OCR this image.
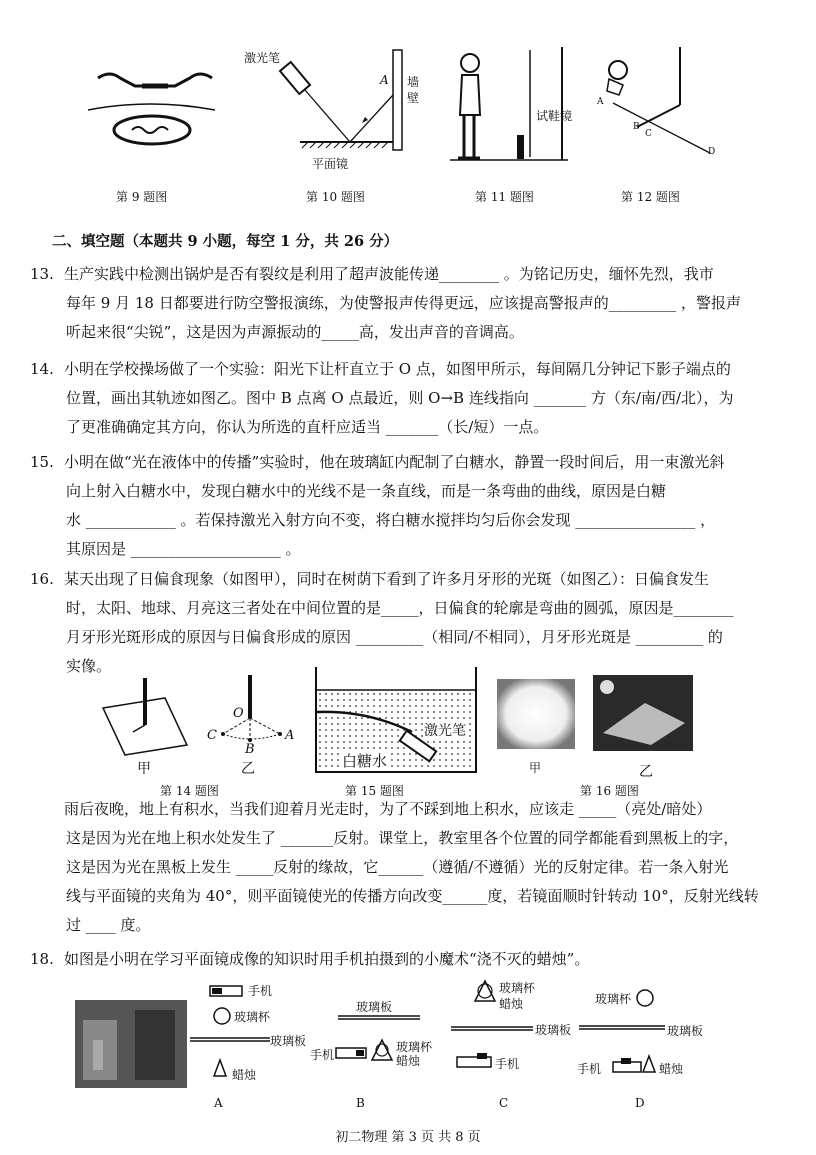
第 9 题图
激光笔
A 墙
壁
平面镜
第 10 题图
试鞋镜
第 11 题图
A
B
C
D
第 12 题图
二、填空题（本题共 9 小题，每空 1 分，共 26 分）
13. 生产实践中检测出锅炉是否有裂纹是利用了超声波能传递________ 。为铭记历史，缅怀先烈，我市
每年 9 月 18 日都要进行防空警报演练，为使警报声传得更远，应该提高警报声的_________ ，警报声
听起来很“尖锐”，这是因为声源振动的_____高，发出声音的音调高。
14. 小明在学校操场做了一个实验：阳光下让杆直立于 O 点，如图甲所示，每间隔几分钟记下影子端点的
位置，画出其轨迹如图乙。图中 B 点离 O 点最近，则 O→B 连线指向 _______ 方（东/南/西/北），为
了更准确确定其方向，你认为所选的直杆应适当 _______（长/短）一点。
15. 小明在做“光在液体中的传播”实验时，他在玻璃缸内配制了白糖水，静置一段时间后，用一束激光斜
向上射入白糖水中，发现白糖水中的光线不是一条直线，而是一条弯曲的曲线，原因是白糖
水 ____________ 。若保持激光入射方向不变，将白糖水搅拌均匀后你会发现 ________________ ，
其原因是 ____________________ 。
16. 某天出现了日偏食现象（如图甲），同时在树荫下看到了许多月牙形的光斑（如图乙）：日偏食发生
时，太阳、地球、月亮这三者处在中间位置的是_____，日偏食的轮廓是弯曲的圆弧，原因是________
月牙形光斑形成的原因与日偏食形成的原因 _________（相同/不相同），月牙形光斑是 _________ 的
实像。
甲
O
C
B
A
乙
第 14 题图
激光笔
白糖水
第 15 题图
甲	乙
第 16 题图
雨后夜晚，地上有积水，当我们迎着月光走时，为了不踩到地上积水，应该走 _____（亮处/暗处）
这是因为光在地上积水处发生了 _______反射。课堂上，教室里各个位置的同学都能看到黑板上的字，
这是因为光在黑板上发生 _____反射的缘故，它______（遵循/不遵循）光的反射定律。若一条入射光
线与平面镜的夹角为 40°，则平面镜使光的传播方向改变______度，若镜面顺时针转动 10°，反射光线转
过 ____ 度。
18. 如图是小明在学习平面镜成像的知识时用手机拍摄到的小魔术“浇不灭的蜡烛”。
手机
玻璃杯
玻璃板
蜡烛
A
玻璃板
手机
玻璃杯
蜡烛
B
玻璃杯
蜡烛
玻璃板
手机
C
玻璃杯
玻璃板
手机	蜡烛
D
初二物理 第 3 页 共 8 页
